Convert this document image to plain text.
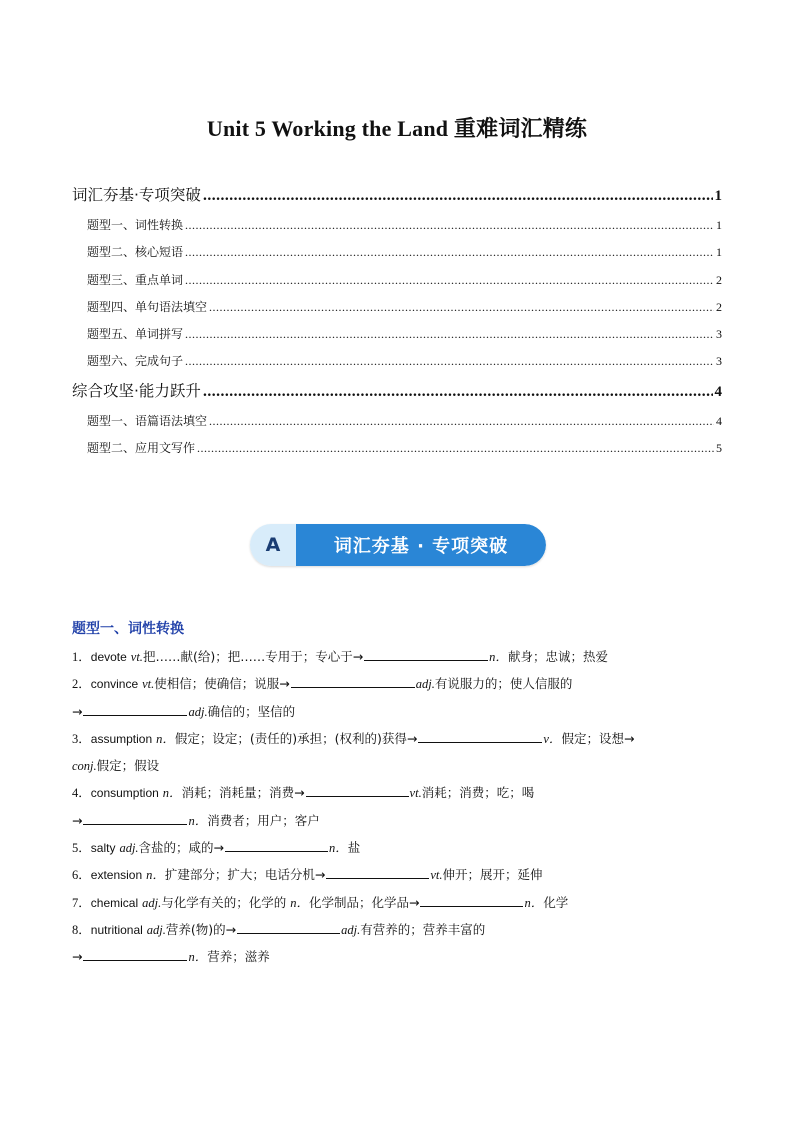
Unit 5 Working the Land 重难词汇精练
词汇夯基·专项突破 .....	1
题型一、词性转换 .....	1
题型二、核心短语 .....	1
题型三、重点单词 .....	2
题型四、单句语法填空 .....	2
题型五、单词拼写 .....	3
题型六、完成句子 .....	3
综合攻坚·能力跃升 .....	4
题型一、语篇语法填空 .....	4
题型二、应用文写作 .....	5
A	词汇夯基 · 专项突破
题型一、词性转换
1．devote vt.把……献(给)；把……专用于；专心于→	n．献身；忠诚；热爱
2．convince vt.使相信；使确信；说服→	adj.有说服力的；使人信服的
→	adj.确信的；坚信的
3．assumption n．假定；设定；(责任的)承担；(权利的)获得→	v．假定；设想→
conj.假定；假设
4．consumption n．消耗；消耗量；消费→	vt.消耗；消费；吃；喝
→	n．消费者；用户；客户
5．salty adj.含盐的；咸的→	n．盐
6．extension n．扩建部分；扩大；电话分机→	vt.伸开；展开；延伸
7．chemical adj.与化学有关的；化学的 n．化学制品；化学品→	n．化学
8．nutritional adj.营养(物)的→	adj.有营养的；营养丰富的
→	n．营养；滋养
